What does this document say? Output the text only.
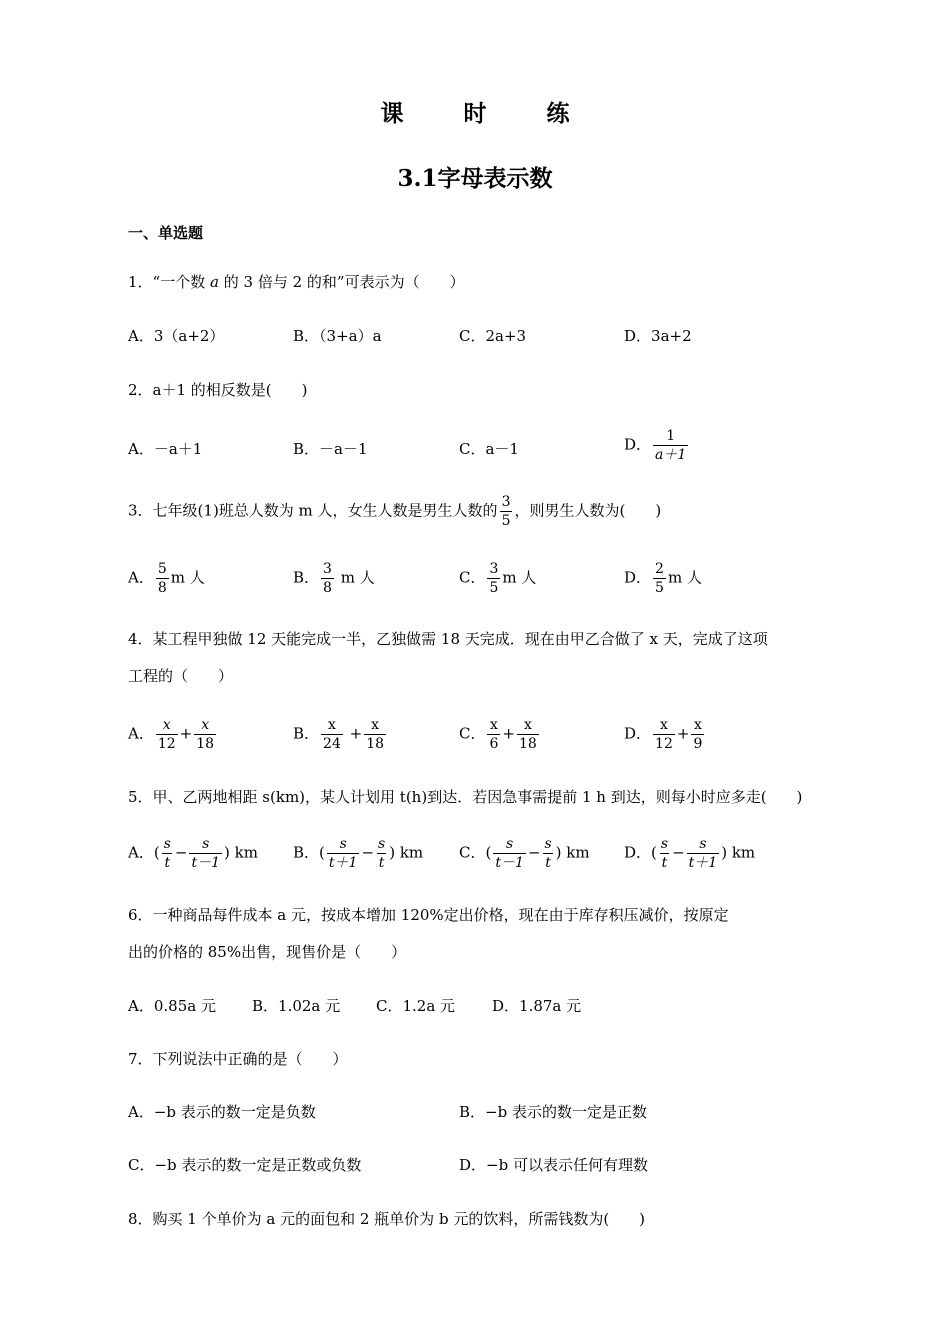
课 时 练
3.1字母表示数
一、单选题
1．“一个数 a 的 3 倍与 2 的和”可表示为（　　）
A．3（a+2）	B．（3+a）a	C．2a+3	D．3a+2
2．a＋1 的相反数是(　　)
A．－a＋1	B．－a－1	C．a－1	D． $\frac{1}{a+1}$
3．七年级(1)班总人数为 m 人，女生人数是男生人数的 $\frac{3}{5}$ ，则男生人数为(　　)
A． $\frac{5}{8}$ m 人	B． $\frac{3}{8}$ m 人	C． $\frac{3}{5}$ m 人	D． $\frac{2}{5}$ m 人
4．某工程甲独做 12 天能完成一半，乙独做需 18 天完成．现在由甲乙合做了 x 天，完成了这项
工程的（　　）
A． $\frac{x}{12} + \frac{x}{18}$	B． $\frac{x}{24} + \frac{x}{18}$	C． $\frac{x}{6} + \frac{x}{18}$	D． $\frac{x}{12} + \frac{x}{9}$
5．甲、乙两地相距 s(km)，某人计划用 t(h)到达．若因急事需提前 1 h 到达，则每小时应多走(　　)
A．( $\frac{s}{t} - \frac{s}{t-1}$ ) km B．( $\frac{s}{t+1} - \frac{s}{t}$ ) km C．( $\frac{s}{t-1} - \frac{s}{t}$ ) km D．( $\frac{s}{t} - \frac{s}{t+1}$ ) km
6．一种商品每件成本 a 元，按成本增加 120%定出价格，现在由于库存积压减价，按原定
出的价格的 85%出售，现售价是（　　）
A．0.85a 元 B．1.02a 元 C．1.2a 元 D．1.87a 元
7．下列说法中正确的是（　　）
A．−b 表示的数一定是负数	B．−b 表示的数一定是正数
C．−b 表示的数一定是正数或负数	D．−b 可以表示任何有理数
8．购买 1 个单价为 a 元的面包和 2 瓶单价为 b 元的饮料，所需钱数为(　　)
